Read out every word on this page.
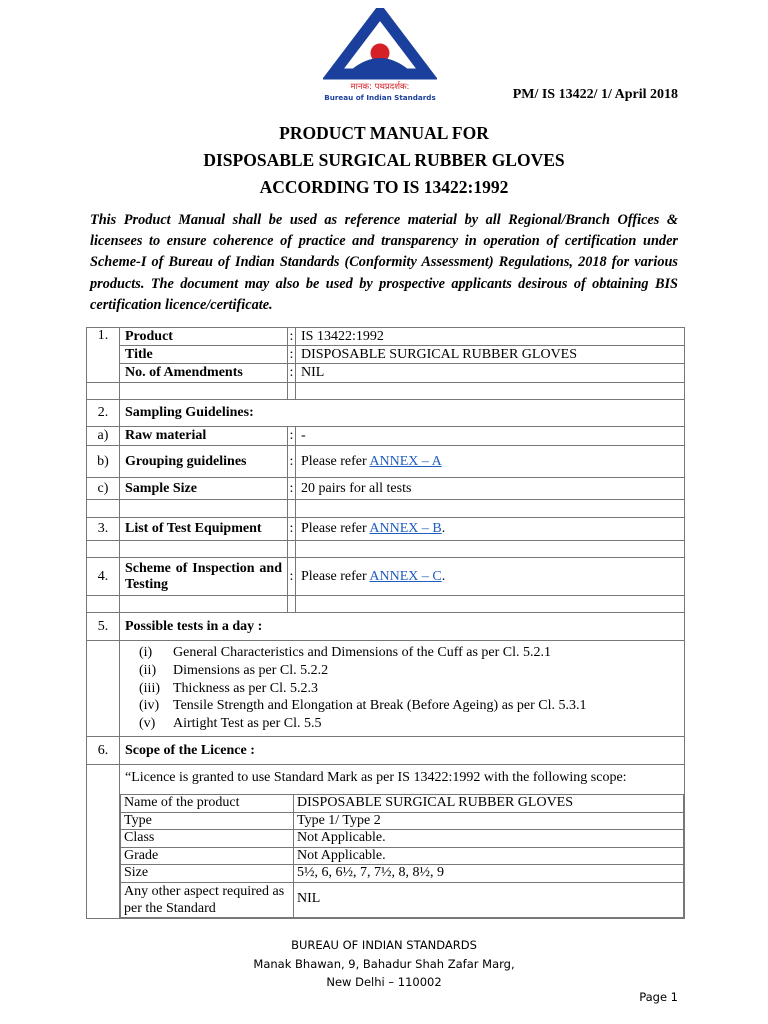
मानक: पथप्रदर्शक:
Bureau of Indian Standards	PM/ IS 13422/ 1/ April 2018
PRODUCT MANUAL FOR
DISPOSABLE SURGICAL RUBBER GLOVES
ACCORDING TO IS 13422:1992

This Product Manual shall be used as reference material by all Regional/Branch Offices & licensees to ensure coherence of practice and transparency in operation of certification under Scheme-I of Bureau of Indian Standards (Conformity Assessment) Regulations, 2018 for various products. The document may also be used by prospective applicants desirous of obtaining BIS certification licence/certificate.

1.	Product	:	IS 13422:1992
Title	:	DISPOSABLE SURGICAL RUBBER GLOVES
No. of Amendments	:	NIL

2.	Sampling Guidelines:
a)	Raw material	:	-
b)	Grouping guidelines	:	Please refer ANNEX – A
c)	Sample Size	:	20 pairs for all tests

3.	List of Test Equipment	:	Please refer ANNEX – B.

4.	Scheme of Inspection and Testing	:	Please refer ANNEX – C.

5.	Possible tests in a day :

(i) General Characteristics and Dimensions of the Cuff as per Cl. 5.2.1
(ii) Dimensions as per Cl. 5.2.2
(iii) Thickness as per Cl. 5.2.3
(iv) Tensile Strength and Elongation at Break (Before Ageing) as per Cl. 5.3.1
(v) Airtight Test as per Cl. 5.5

6.	Scope of the Licence :

“Licence is granted to use Standard Mark as per IS 13422:1992 with the following scope:
Name of the product	DISPOSABLE SURGICAL RUBBER GLOVES
Type	Type 1/ Type 2
Class	Not Applicable.
Grade	Not Applicable.
Size	5½, 6, 6½, 7, 7½, 8, 8½, 9
Any other aspect required as per the Standard	NIL
BUREAU OF INDIAN STANDARDS
Manak Bhawan, 9, Bahadur Shah Zafar Marg,
New Delhi – 110002
Page 1
